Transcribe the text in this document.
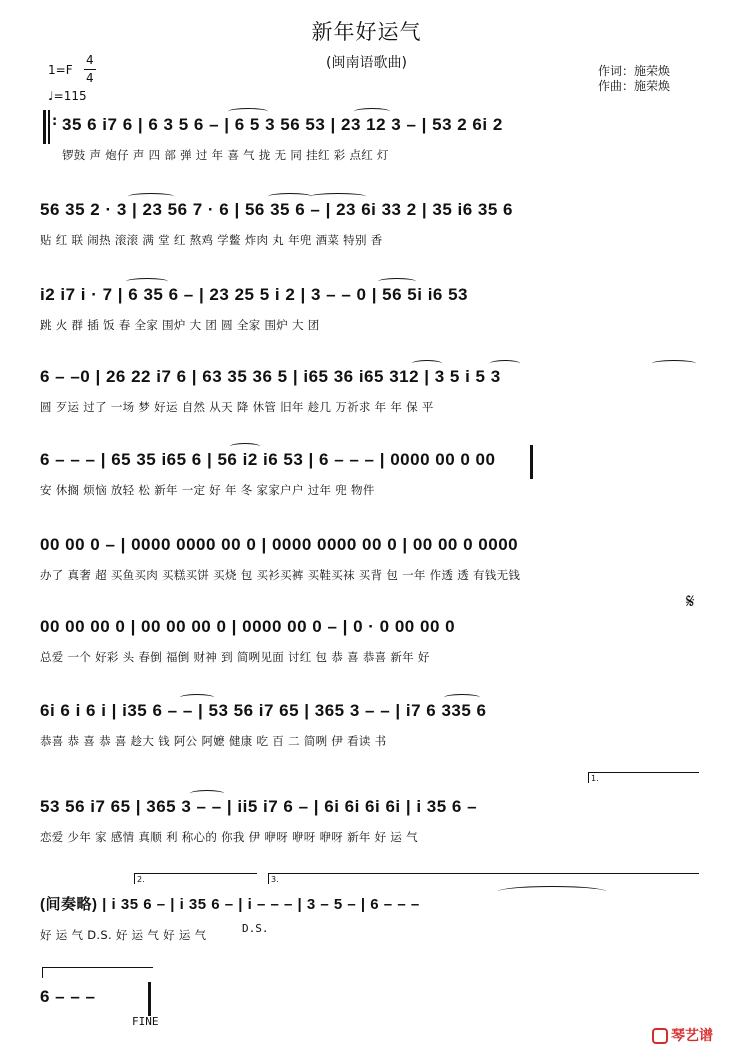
新年好运气
(闽南语歌曲)
1=F
4
4
♩=115
作词：施荣焕
作曲：施荣焕
: 35 6 i7 6 | 6 3 5 6 – | 6 5 3 56 53 | 23 12 3 – | 53 2 6i 2
锣鼓 声 炮仔 声 四 部 弹 过 年 喜 气 拢 无 同 挂红 彩 点红 灯
56 35 2 · 3 | 23 56 7 · 6 | 56 35 6 – | 23 6i 33 2 | 35 i6 35 6
贴 红 联 闹热 滚滚 满 堂 红 熬鸡 学鳖 炸肉 丸 年兜 酒菜 特别 香
i2 i7 i · 7 | 6 35 6 – | 23 25 5 i 2 | 3 – – 0 | 56 5i i6 53
跳 火 群 插 饭 春 全家 围炉 大 团 圆 全家 围炉 大 团
6 – –0 | 26 22 i7 6 | 63 35 36 5 | i65 36 i65 312 | 3 5 i 5 3
圆 歹运 过了 一场 梦 好运 自然 从天 降 休管 旧年 趁几 万祈求 年 年 保 平
6 – – – | 65 35 i65 6 | 56 i2 i6 53 | 6 – – – | 0000 00 0 00
安 休搁 烦恼 放轻 松 新年 一定 好 年 冬 家家户户 过年 兜 物件
00 00 0 – | 0000 0000 00 0 | 0000 0000 00 0 | 00 00 0 0000
办了 真奢 超 买鱼买肉 买糕买饼 买烧 包 买衫买裤 买鞋买袜 买背 包 一年 作透 透 有钱无钱
00 00 00 0 | 00 00 00 0 | 0000 00 0 – | 0 · 0 00 00 0
总爱 一个 好彩 头 春倒 福倒 财神 到 简咧见面 讨红 包 恭 喜 恭喜 新年 好
𝄋
6i 6 i 6 i | i35 6 – – | 53 56 i7 65 | 365 3 – – | i7 6 335 6
恭喜 恭 喜 恭 喜 趁大 钱 阿公 阿嬷 健康 吃 百 二 简咧 伊 看读 书
1.
53 56 i7 65 | 365 3 – – | ii5 i7 6 – | 6i 6i 6i 6i | i 35 6 –
恋爱 少年 家 感情 真顺 利 称心的 你我 伊 咿呀 咿呀 咿呀 新年 好 运 气
2.	3.
(间奏略) | i 35 6 – | i 35 6 – | i – – – | 3 – 5 – | 6 – – –
好 运 气 D.S. 好 运 气 好 运 气	D.S.
6 – – –
FINE
琴艺谱
